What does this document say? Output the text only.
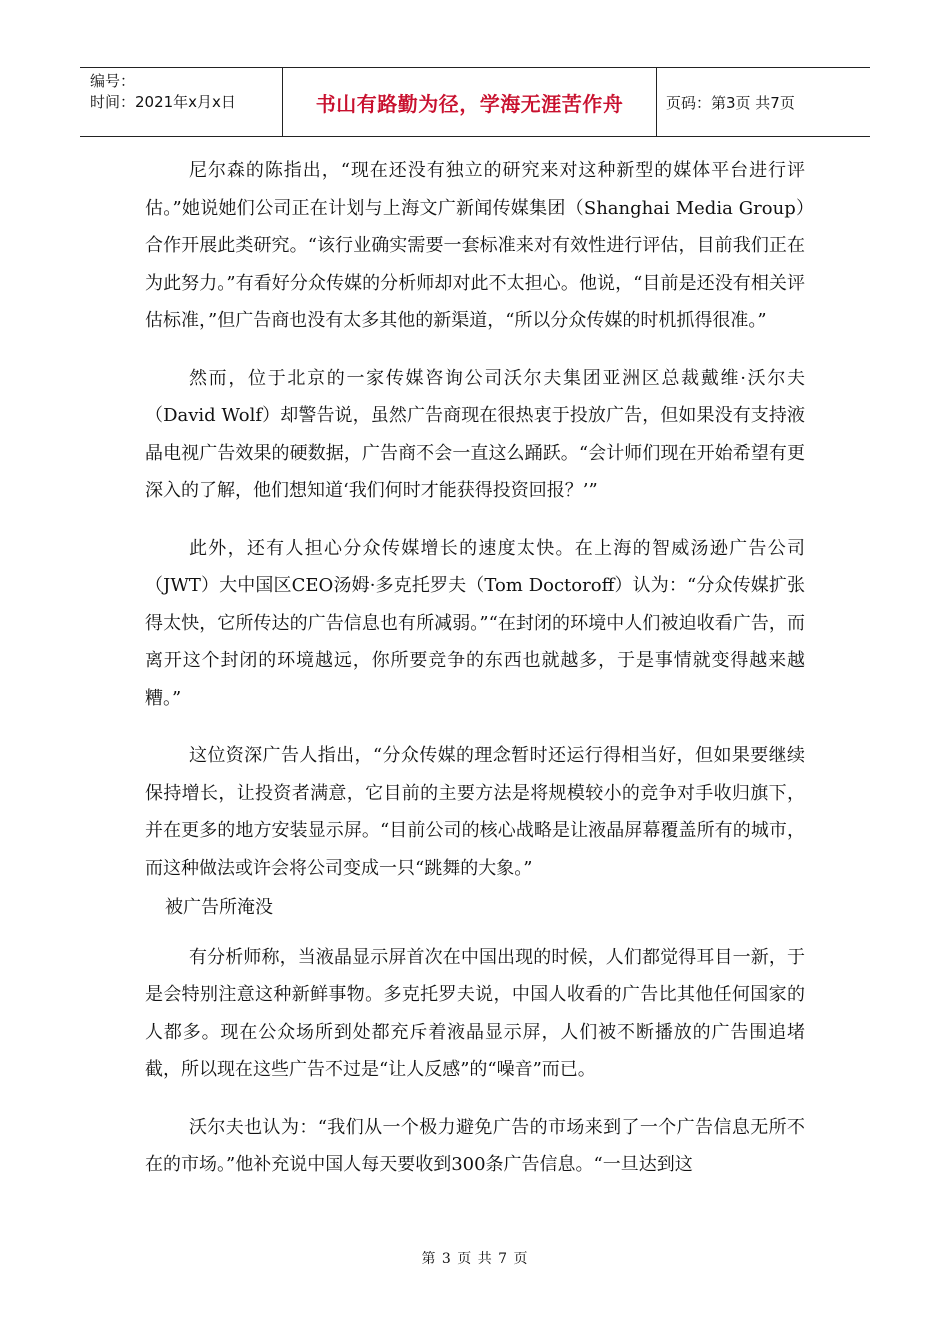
编号：
时间：2021年x月x日	书山有路勤为径，学海无涯苦作舟	页码：第3页 共7页

尼尔森的陈指出，“现在还没有独立的研究来对这种新型的媒体平台进行评估。”她说她们公司正在计划与上海文广新闻传媒集团（Shanghai Media Group）合作开展此类研究。“该行业确实需要一套标准来对有效性进行评估，目前我们正在为此努力。”有看好分众传媒的分析师却对此不太担心。他说，“目前是还没有相关评估标准，”但广告商也没有太多其他的新渠道，“所以分众传媒的时机抓得很准。”

然而，位于北京的一家传媒咨询公司沃尔夫集团亚洲区总裁戴维·沃尔夫（David Wolf）却警告说，虽然广告商现在很热衷于投放广告，但如果没有支持液晶电视广告效果的硬数据，广告商不会一直这么踊跃。“会计师们现在开始希望有更深入的了解，他们想知道‘我们何时才能获得投资回报？’”

此外，还有人担心分众传媒增长的速度太快。在上海的智威汤逊广告公司（JWT）大中国区CEO汤姆·多克托罗夫（Tom Doctoroff）认为：“分众传媒扩张得太快，它所传达的广告信息也有所减弱。”“在封闭的环境中人们被迫收看广告，而离开这个封闭的环境越远，你所要竞争的东西也就越多，于是事情就变得越来越糟。”

这位资深广告人指出，“分众传媒的理念暂时还运行得相当好，但如果要继续保持增长，让投资者满意，它目前的主要方法是将规模较小的竞争对手收归旗下，并在更多的地方安装显示屏。“目前公司的核心战略是让液晶屏幕覆盖所有的城市，而这种做法或许会将公司变成一只“跳舞的大象。”

被广告所淹没

有分析师称，当液晶显示屏首次在中国出现的时候，人们都觉得耳目一新，于是会特别注意这种新鲜事物。多克托罗夫说，中国人收看的广告比其他任何国家的人都多。现在公众场所到处都充斥着液晶显示屏，人们被不断播放的广告围追堵截，所以现在这些广告不过是“让人反感”的“噪音”而已。

沃尔夫也认为：“我们从一个极力避免广告的市场来到了一个广告信息无所不在的市场。”他补充说中国人每天要收到300条广告信息。“一旦达到这

第 3 页 共 7 页
